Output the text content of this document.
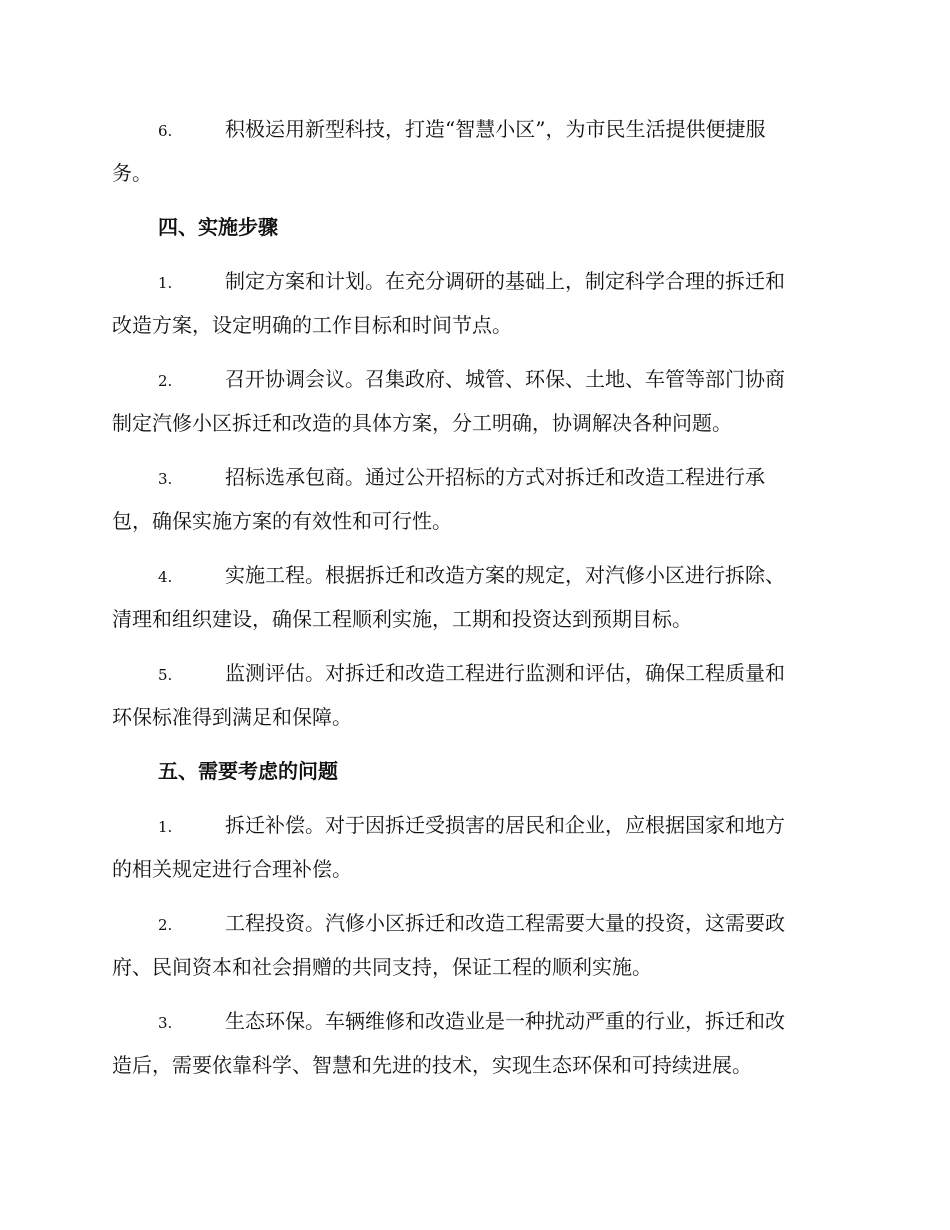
6.	积极运用新型科技，打造“智慧小区”，为市民生活提供便捷服
务。
四、实施步骤
1.	制定方案和计划。在充分调研的基础上，制定科学合理的拆迁和
改造方案，设定明确的工作目标和时间节点。
2.	召开协调会议。召集政府、城管、环保、土地、车管等部门协商
制定汽修小区拆迁和改造的具体方案，分工明确，协调解决各种问题。
3.	招标选承包商。通过公开招标的方式对拆迁和改造工程进行承
包，确保实施方案的有效性和可行性。
4.	实施工程。根据拆迁和改造方案的规定，对汽修小区进行拆除、
清理和组织建设，确保工程顺利实施，工期和投资达到预期目标。
5.	监测评估。对拆迁和改造工程进行监测和评估，确保工程质量和
环保标准得到满足和保障。
五、需要考虑的问题
1.	拆迁补偿。对于因拆迁受损害的居民和企业，应根据国家和地方
的相关规定进行合理补偿。
2.	工程投资。汽修小区拆迁和改造工程需要大量的投资，这需要政
府、民间资本和社会捐赠的共同支持，保证工程的顺利实施。
3.	生态环保。车辆维修和改造业是一种扰动严重的行业，拆迁和改
造后，需要依靠科学、智慧和先进的技术，实现生态环保和可持续进展。
